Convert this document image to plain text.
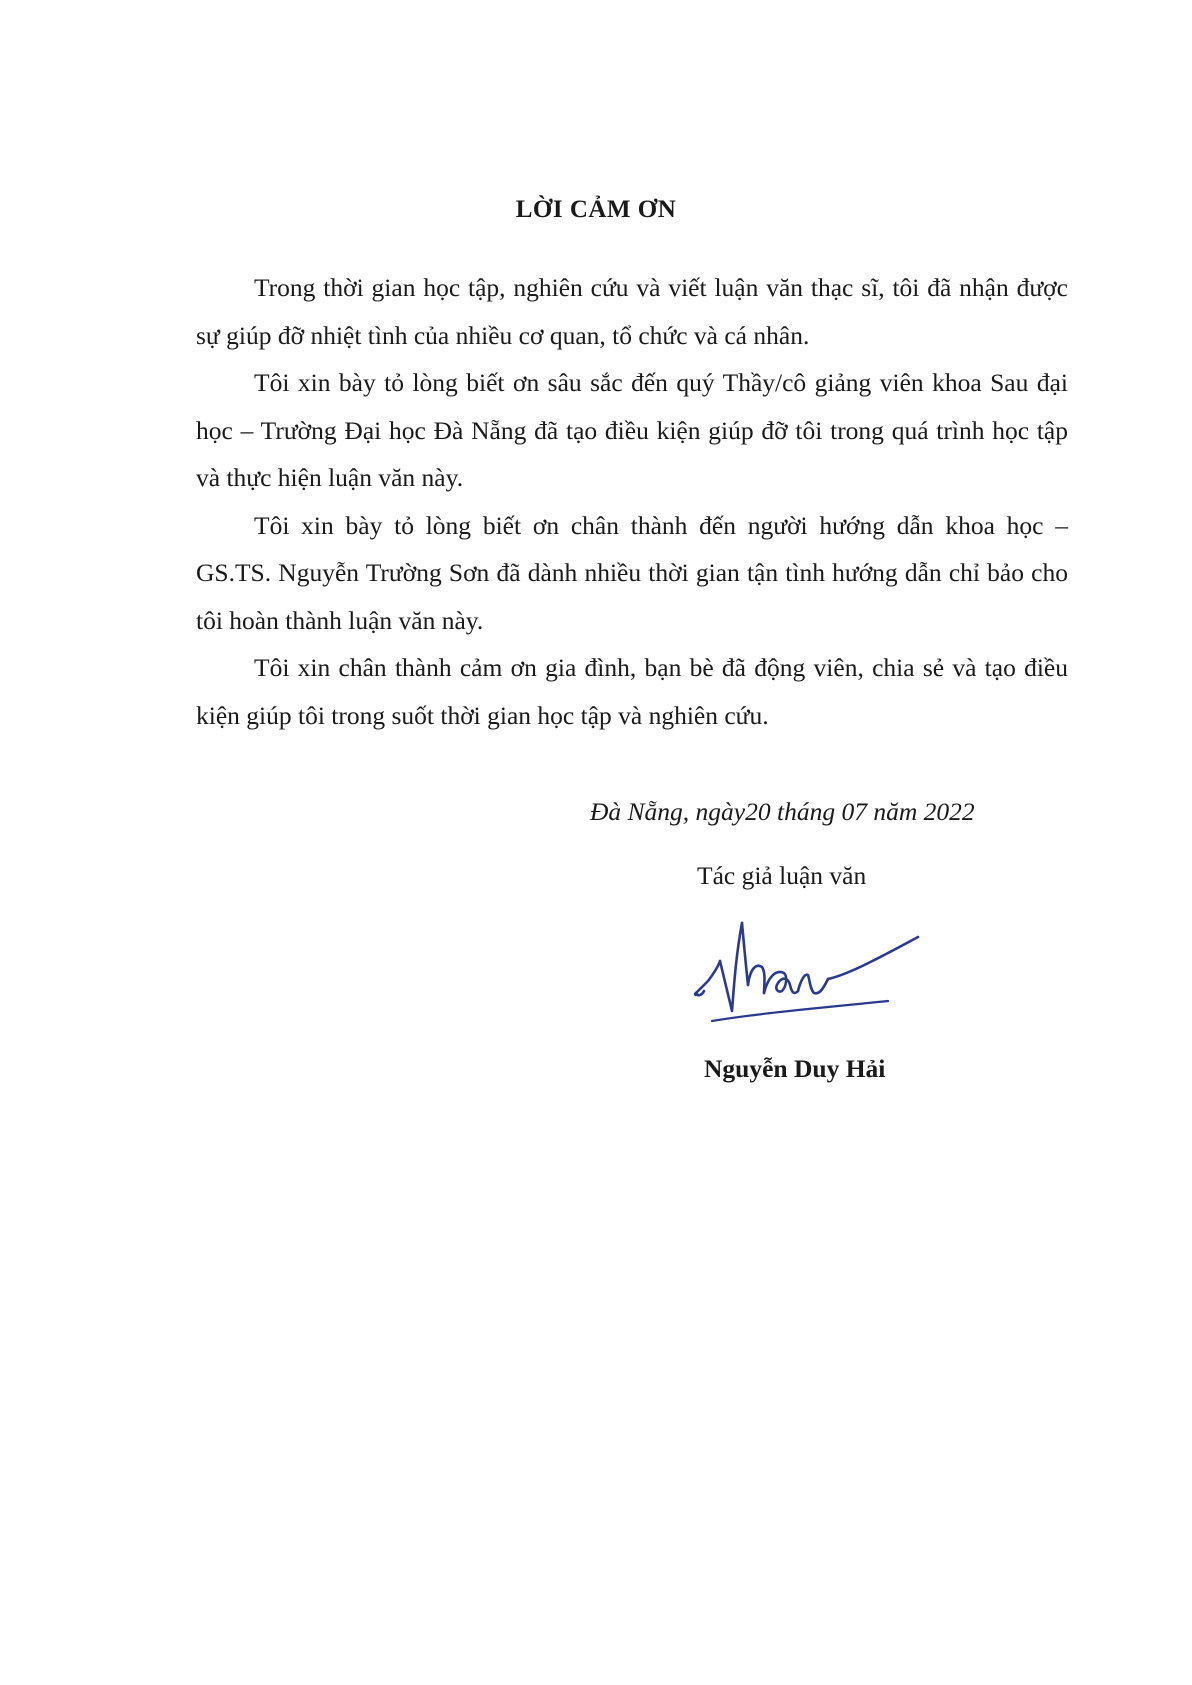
LỜI CẢM ƠN

Trong thời gian học tập, nghiên cứu và viết luận văn thạc sĩ, tôi đã nhận được sự giúp đỡ nhiệt tình của nhiều cơ quan, tổ chức và cá nhân.

Tôi xin bày tỏ lòng biết ơn sâu sắc đến quý Thầy/cô giảng viên khoa Sau đại học – Trường Đại học Đà Nẵng đã tạo điều kiện giúp đỡ tôi trong quá trình học tập và thực hiện luận văn này.

Tôi xin bày tỏ lòng biết ơn chân thành đến người hướng dẫn khoa học – GS.TS. Nguyễn Trường Sơn đã dành nhiều thời gian tận tình hướng dẫn chỉ bảo cho tôi hoàn thành luận văn này.

Tôi xin chân thành cảm ơn gia đình, bạn bè đã động viên, chia sẻ và tạo điều kiện giúp tôi trong suốt thời gian học tập và nghiên cứu.

Đà Nẵng, ngày20 tháng 07 năm 2022

Tác giả luận văn

Nguyễn Duy Hải
